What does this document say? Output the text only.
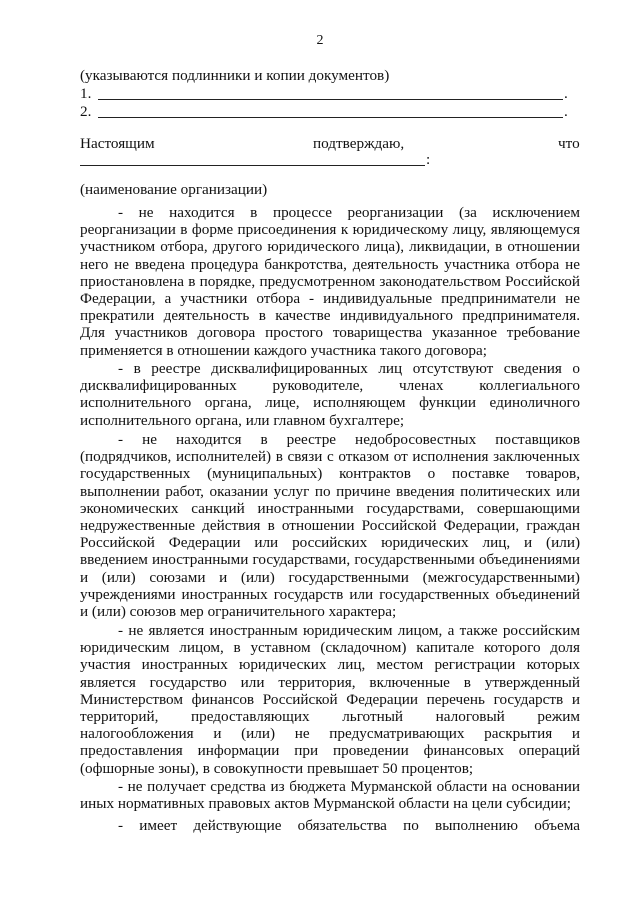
2
(указываются подлинники и копии документов)
1.	.
2.	.
Настоящим	подтверждаю,	что
:
(наименование организации)
- не находится в процессе реорганизации (за исключением реорганизации в форме присоединения к юридическому лицу, являющемуся участником отбора, другого юридического лица), ликвидации, в отношении него не введена процедура банкротства, деятельность участника отбора не приостановлена в порядке, предусмотренном законодательством Российской Федерации, а участники отбора - индивидуальные предприниматели не прекратили деятельность в качестве индивидуального предпринимателя. Для участников договора простого товарищества указанное требование применяется в отношении каждого участника такого договора;
- в реестре дисквалифицированных лиц отсутствуют сведения о дисквалифицированных руководителе, членах коллегиального исполнительного органа, лице, исполняющем функции единоличного исполнительного органа, или главном бухгалтере;
- не находится в реестре недобросовестных поставщиков (подрядчиков, исполнителей) в связи с отказом от исполнения заключенных государственных (муниципальных) контрактов о поставке товаров, выполнении работ, оказании услуг по причине введения политических или экономических санкций иностранными государствами, совершающими недружественные действия в отношении Российской Федерации, граждан Российской Федерации или российских юридических лиц, и (или) введением иностранными государствами, государственными объединениями и (или) союзами и (или) государственными (межгосударственными) учреждениями иностранных государств или государственных объединений и (или) союзов мер ограничительного характера;
- не является иностранным юридическим лицом, а также российским юридическим лицом, в уставном (складочном) капитале которого доля участия иностранных юридических лиц, местом регистрации которых является государство или территория, включенные в утвержденный Министерством финансов Российской Федерации перечень государств и территорий, предоставляющих льготный налоговый режим налогообложения и (или) не предусматривающих раскрытия и предоставления информации при проведении финансовых операций (офшорные зоны), в совокупности превышает 50 процентов;
- не получает средства из бюджета Мурманской области на основании иных нормативных правовых актов Мурманской области на цели субсидии;
- имеет действующие обязательства по выполнению объема
